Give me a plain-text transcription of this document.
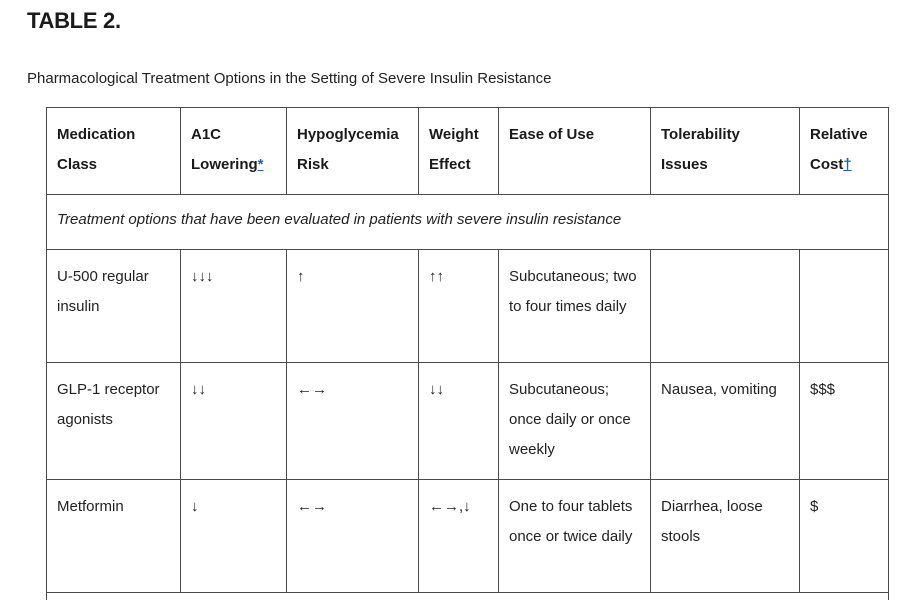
TABLE 2.

Pharmacological Treatment Options in the Setting of Severe Insulin Resistance

Medication Class	A1C Lowering*	Hypoglycemia Risk	Weight Effect	Ease of Use	Tolerability Issues	Relative Cost†
Treatment options that have been evaluated in patients with severe insulin resistance						
U-500 regular insulin	↓↓↓	↑	↑↑	Subcutaneous; two to four times daily		
GLP-1 receptor agonists	↓↓	←→	↓↓	Subcutaneous; once daily or once weekly	Nausea, vomiting	$$$
Metformin	↓	←→	←→,↓	One to four tablets once or twice daily	Diarrhea, loose stools	$
